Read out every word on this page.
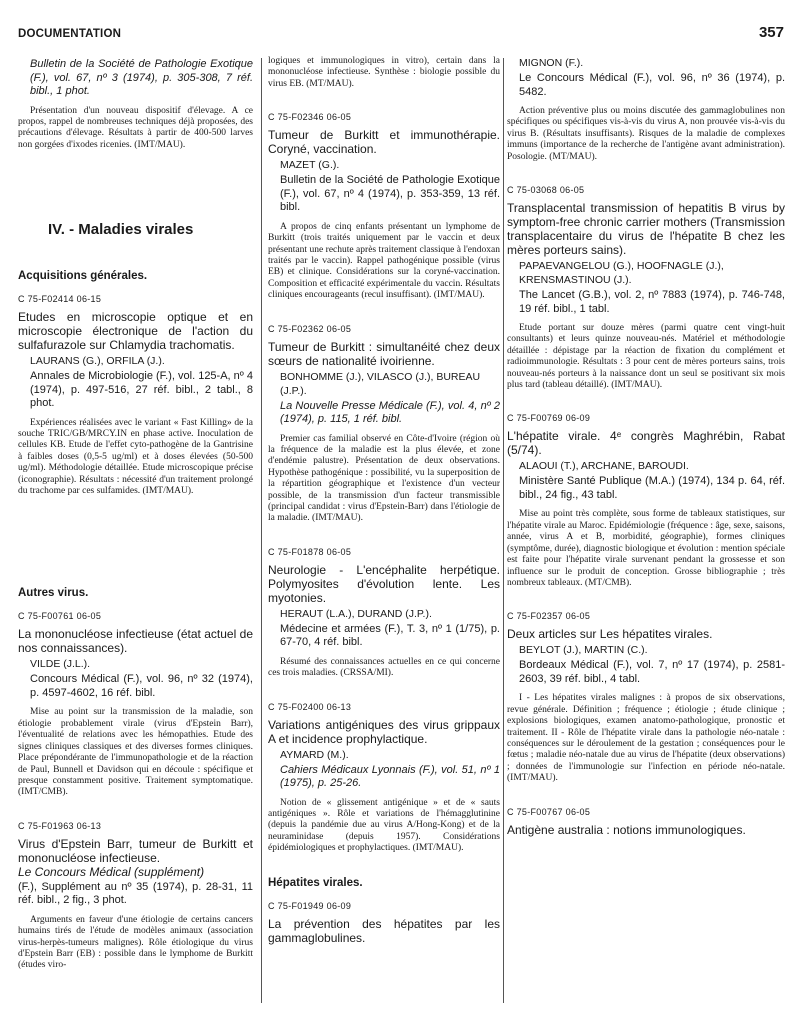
DOCUMENTATION	357
Bulletin de la Société de Pathologie Exotique (F.), vol. 67, nº 3 (1974), p. 305-308, 7 réf. bibl., 1 phot.
Présentation d'un nouveau dispositif d'élevage. A ce propos, rappel de nombreuses techniques déjà proposées, des précautions d'élevage. Résultats à partir de 400-500 larves non gorgées d'ixodes ricenies. (IMT/MAU).
IV. - Maladies virales
Acquisitions générales.
C 75-F02414 06-15
Etudes en microscopie optique et en microscopie électronique de l'action du sulfafurazole sur Chlamydia trachomatis.
LAURANS (G.), ORFILA (J.).
Annales de Microbiologie (F.), vol. 125-A, nº 4 (1974), p. 497-516, 27 réf. bibl., 2 tabl., 8 phot.
Expériences réalisées avec le variant « Fast Killing» de la souche TRIC/GB/MRCY.IN en phase active. Inoculation de cellules KB. Etude de l'effet cyto-pathogène de la Gantrisine à faibles doses (0,5-5 ug/ml) et à doses élevées (50-500 ug/ml). Méthodologie détaillée. Etude microscopique précise (iconographie). Résultats : nécessité d'un traitement prolongé du trachome par ces sulfamides. (IMT/MAU).
Autres virus.
C 75-F00761 06-05
La mononucléose infectieuse (état actuel de nos connaissances).
VILDE (J.L.).
Concours Médical (F.), vol. 96, nº 32 (1974), p. 4597-4602, 16 réf. bibl.
Mise au point sur la transmission de la maladie, son étiologie probablement virale (virus d'Epstein Barr), l'éventualité de relations avec les hémopathies. Etude des signes cliniques classiques et des diverses formes cliniques. Place prépondérante de l'immunopathologie et de la réaction de Paul, Bunnell et Davidson qui en découle : spécifique et presque constamment positive. Traitement symptomatique. (IMT/CMB).
C 75-F01963 06-13
Virus d'Epstein Barr, tumeur de Burkitt et mononucléose infectieuse.
Le Concours Médical (supplément)
(F.), Supplément au nº 35 (1974), p. 28-31, 11 réf. bibl., 2 fig., 3 phot.
Arguments en faveur d'une étiologie de certains cancers humains tirés de l'étude de modèles animaux (association virus-herpès-tumeurs malignes). Rôle étiologique du virus d'Epstein Barr (EB) : possible dans le lymphome de Burkitt (études viro-
logiques et immunologiques in vitro), certain dans la mononucléose infectieuse. Synthèse : biologie possible du virus EB. (MT/MAU).
C 75-F02346 06-05
Tumeur de Burkitt et immunothérapie. Coryné, vaccination.
MAZET (G.).
Bulletin de la Société de Pathologie Exotique (F.), vol. 67, nº 4 (1974), p. 353-359, 13 réf. bibl.
A propos de cinq enfants présentant un lymphome de Burkitt (trois traités uniquement par le vaccin et deux présentant une rechute après traitement classique à l'endoxan traités par le vaccin). Rappel pathogénique possible (virus EB) et clinique. Considérations sur la coryné-vaccination. Composition et efficacité expérimentale du vaccin. Résultats cliniques encourageants (recul insuffisant). (IMT/MAU).
C 75-F02362 06-05
Tumeur de Burkitt : simultanéité chez deux sœurs de nationalité ivoirienne.
BONHOMME (J.), VILASCO (J.), BUREAU (J.P.).
La Nouvelle Presse Médicale (F.), vol. 4, nº 2 (1974), p. 115, 1 réf. bibl.
Premier cas familial observé en Côte-d'Ivoire (région où la fréquence de la maladie est la plus élevée, et zone d'endémie palustre). Présentation de deux observations. Hypothèse pathogénique : possibilité, vu la superposition de la répartition géographique et l'existence d'un vecteur possible, de la transmission d'un facteur transmissible (principal candidat : virus d'Epstein-Barr) dans l'étiologie de la maladie. (IMT/MAU).
C 75-F01878 06-05
Neurologie - L'encéphalite herpétique. Polymyosites d'évolution lente. Les myotonies.
HERAUT (L.A.), DURAND (J.P.).
Médecine et armées (F.), T. 3, nº 1 (1/75), p. 67-70, 4 réf. bibl.
Résumé des connaissances actuelles en ce qui concerne ces trois maladies. (CRSSA/MI).
C 75-F02400 06-13
Variations antigéniques des virus grippaux A et incidence prophylactique.
AYMARD (M.).
Cahiers Médicaux Lyonnais (F.), vol. 51, nº 1 (1975), p. 25-26.
Notion de « glissement antigénique » et de « sauts antigéniques ». Rôle et variations de l'hémagglutinine (depuis la pandémie due au virus A/Hong-Kong) et de la neuraminidase (depuis 1957). Considérations épidémiologiques et prophylactiques. (IMT/MAU).
Hépatites virales.
C 75-F01949 06-09
La prévention des hépatites par les gammaglobulines.
MIGNON (F.).
Le Concours Médical (F.), vol. 96, nº 36 (1974), p. 5482.
Action préventive plus ou moins discutée des gammaglobulines non spécifiques ou spécifiques vis-à-vis du virus A, non prouvée vis-à-vis du virus B. (Résultats insuffisants). Risques de la maladie de complexes immuns (importance de la recherche de l'antigène avant administration). Posologie. (MT/MAU).
C 75-03068 06-05
Transplacental transmission of hepatitis B virus by symptom-free chronic carrier mothers (Transmission transplacentaire du virus de l'hépatite B chez les mères porteurs sains).
PAPAEVANGELOU (G.), HOOFNAGLE (J.), KRENSMASTINOU (J.).
The Lancet (G.B.), vol. 2, nº 7883 (1974), p. 746-748, 19 réf. bibl., 1 tabl.
Etude portant sur douze mères (parmi quatre cent vingt-huit consultants) et leurs quinze nouveau-nés. Matériel et méthodologie détaillée : dépistage par la réaction de fixation du complément et radioimmunologie. Résultats : 3 pour cent de mères porteurs sains, trois nouveau-nés porteurs à la naissance dont un seul se positivant six mois plus tard (tableau détaillé). (IMT/MAU).
C 75-F00769 06-09
L'hépatite virale. 4ᵉ congrès Maghrébin, Rabat (5/74).
ALAOUI (T.), ARCHANE, BAROUDI.
Ministère Santé Publique (M.A.) (1974), 134 p. 64, réf. bibl., 24 fig., 43 tabl.
Mise au point très complète, sous forme de tableaux statistiques, sur l'hépatite virale au Maroc. Epidémiologie (fréquence : âge, sexe, saisons, année, virus A et B, morbidité, géographie), formes cliniques (symptôme, durée), diagnostic biologique et évolution : mention spéciale est faite pour l'hépatite virale survenant pendant la grossesse et son influence sur le produit de conception. Grosse bibliographie ; très nombreux tableaux. (MT/CMB).
C 75-F02357 06-05
Deux articles sur Les hépatites virales.
BEYLOT (J.), MARTIN (C.).
Bordeaux Médical (F.), vol. 7, nº 17 (1974), p. 2581-2603, 39 réf. bibl., 4 tabl.
I - Les hépatites virales malignes : à propos de six observations, revue générale. Définition ; fréquence ; étiologie ; étude clinique ; explosions biologiques, examen anatomo-pathologique, pronostic et traitement. II - Rôle de l'hépatite virale dans la pathologie néo-natale : conséquences sur le déroulement de la gestation ; conséquences pour le fœtus ; maladie néo-natale due au virus de l'hépatite (deux observations) ; données de l'immunologie sur l'infection en période néo-natale. (IMT/MAU).
C 75-F00767 06-05
Antigène australia : notions immunologiques.
